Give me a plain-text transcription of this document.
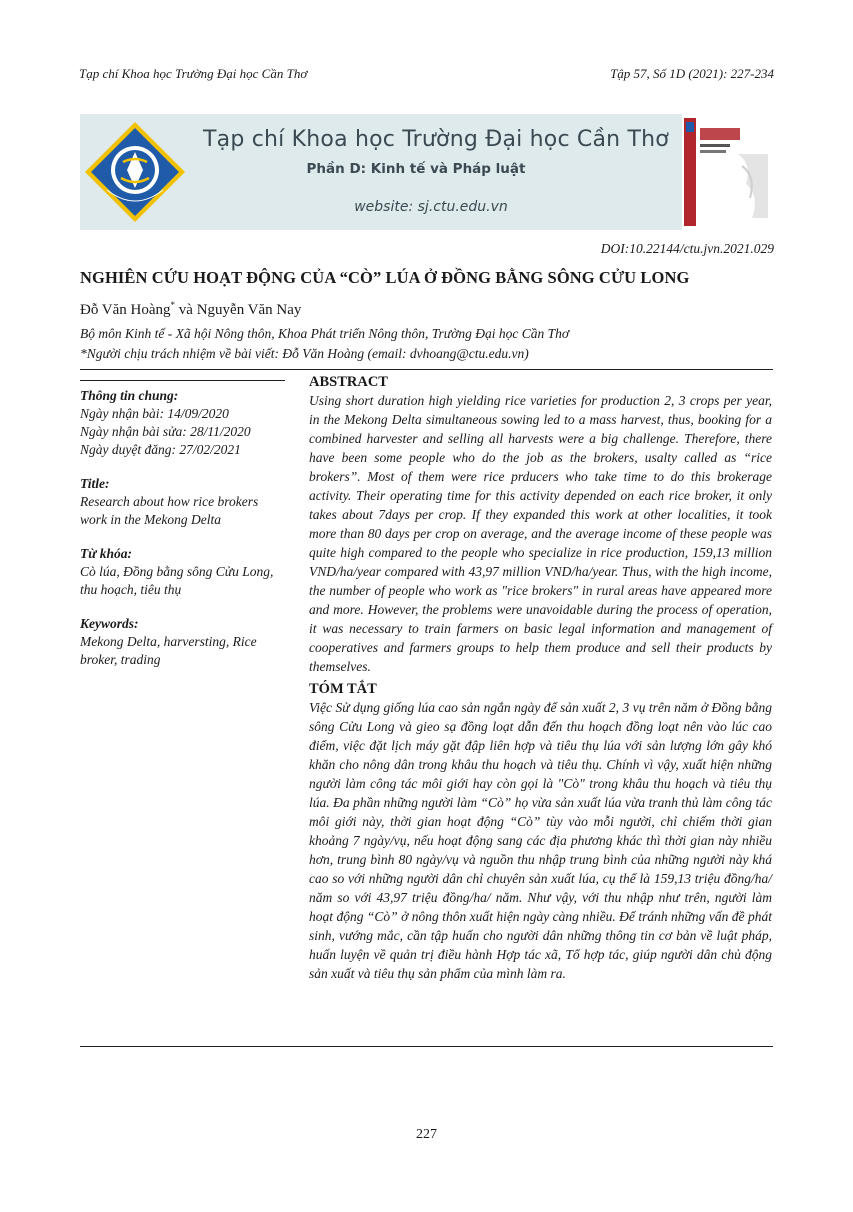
Tạp chí Khoa học Trường Đại học Cần Thơ	Tập 57, Số 1D (2021): 227-234
Tạp chí Khoa học Trường Đại học Cần Thơ
Phần D: Kinh tế và Pháp luật
website: sj.ctu.edu.vn
DOI:10.22144/ctu.jvn.2021.029
NGHIÊN CỨU HOẠT ĐỘNG CỦA “CÒ” LÚA Ở ĐỒNG BẰNG SÔNG CỬU LONG
Đỗ Văn Hoàng* và Nguyễn Văn Nay
Bộ môn Kinh tế - Xã hội Nông thôn, Khoa Phát triển Nông thôn, Trường Đại học Cần Thơ
*Người chịu trách nhiệm về bài viết: Đỗ Văn Hoàng (email: dvhoang@ctu.edu.vn)
Thông tin chung:

Ngày nhận bài: 14/09/2020

Ngày nhận bài sửa: 28/11/2020

Ngày duyệt đăng: 27/02/2021

Title:

Research about how rice brokers work in the Mekong Delta

Từ khóa:

Cò lúa, Đồng bằng sông Cửu Long, thu hoạch, tiêu thụ

Keywords:

Mekong Delta, harversting, Rice broker, trading

ABSTRACT

Using short duration high yielding rice varieties for production 2, 3 crops per year, in the Mekong Delta simultaneous sowing led to a mass harvest, thus, booking for a combined harvester and selling all harvests were a big challenge. Therefore, there have been some people who do the job as the brokers, usalty called as “rice brokers”. Most of them were rice prducers who take time to do this brokerage activity. Their operating time for this activity depended on each rice broker, it only takes about 7days per crop. If they expanded this work at other localities, it took more than 80 days per crop on average, and the average income of these people was quite high compared to the people who specialize in rice production, 159,13 million VND/ha/year compared with 43,97 million VND/ha/year. Thus, with the high income, the number of people who work as "rice brokers" in rural areas have appeared more and more. However, the problems were unavoidable during the process of operation, it was necessary to train farmers on basic legal information and management of cooperatives and farmers groups to help them produce and sell their products by themselves.

TÓM TẮT

Việc Sử dụng giống lúa cao sản ngắn ngày để sản xuất 2, 3 vụ trên năm ở Đồng bằng sông Cửu Long và gieo sạ đồng loạt dẫn đến thu hoạch đồng loạt nên vào lúc cao điểm, việc đặt lịch máy gặt đập liên hợp và tiêu thụ lúa với sản lượng lớn gây khó khăn cho nông dân trong khâu thu hoạch và tiêu thụ. Chính vì vậy, xuất hiện những người làm công tác môi giới hay còn gọi là "Cò" trong khâu thu hoạch và tiêu thụ lúa. Đa phần những người làm “Cò” họ vừa sản xuất lúa vừa tranh thủ làm công tác môi giới này, thời gian hoạt động “Cò” tùy vào mỗi người, chỉ chiếm thời gian khoảng 7 ngày/vụ, nếu hoạt động sang các địa phương khác thì thời gian này nhiều hơn, trung bình 80 ngày/vụ và nguồn thu nhập trung bình của những người này khá cao so với những người dân chỉ chuyên sản xuất lúa, cụ thể là 159,13 triệu đồng/ha/ năm so với 43,97 triệu đồng/ha/ năm. Như vậy, với thu nhập như trên, người làm hoạt động “Cò” ở nông thôn xuất hiện ngày càng nhiều. Để tránh những vấn đề phát sinh, vướng mắc, cần tập huấn cho người dân những thông tin cơ bản về luật pháp, huấn luyện về quản trị điều hành Hợp tác xã, Tổ hợp tác, giúp người dân chủ động sản xuất và tiêu thụ sản phẩm của mình làm ra.

227
